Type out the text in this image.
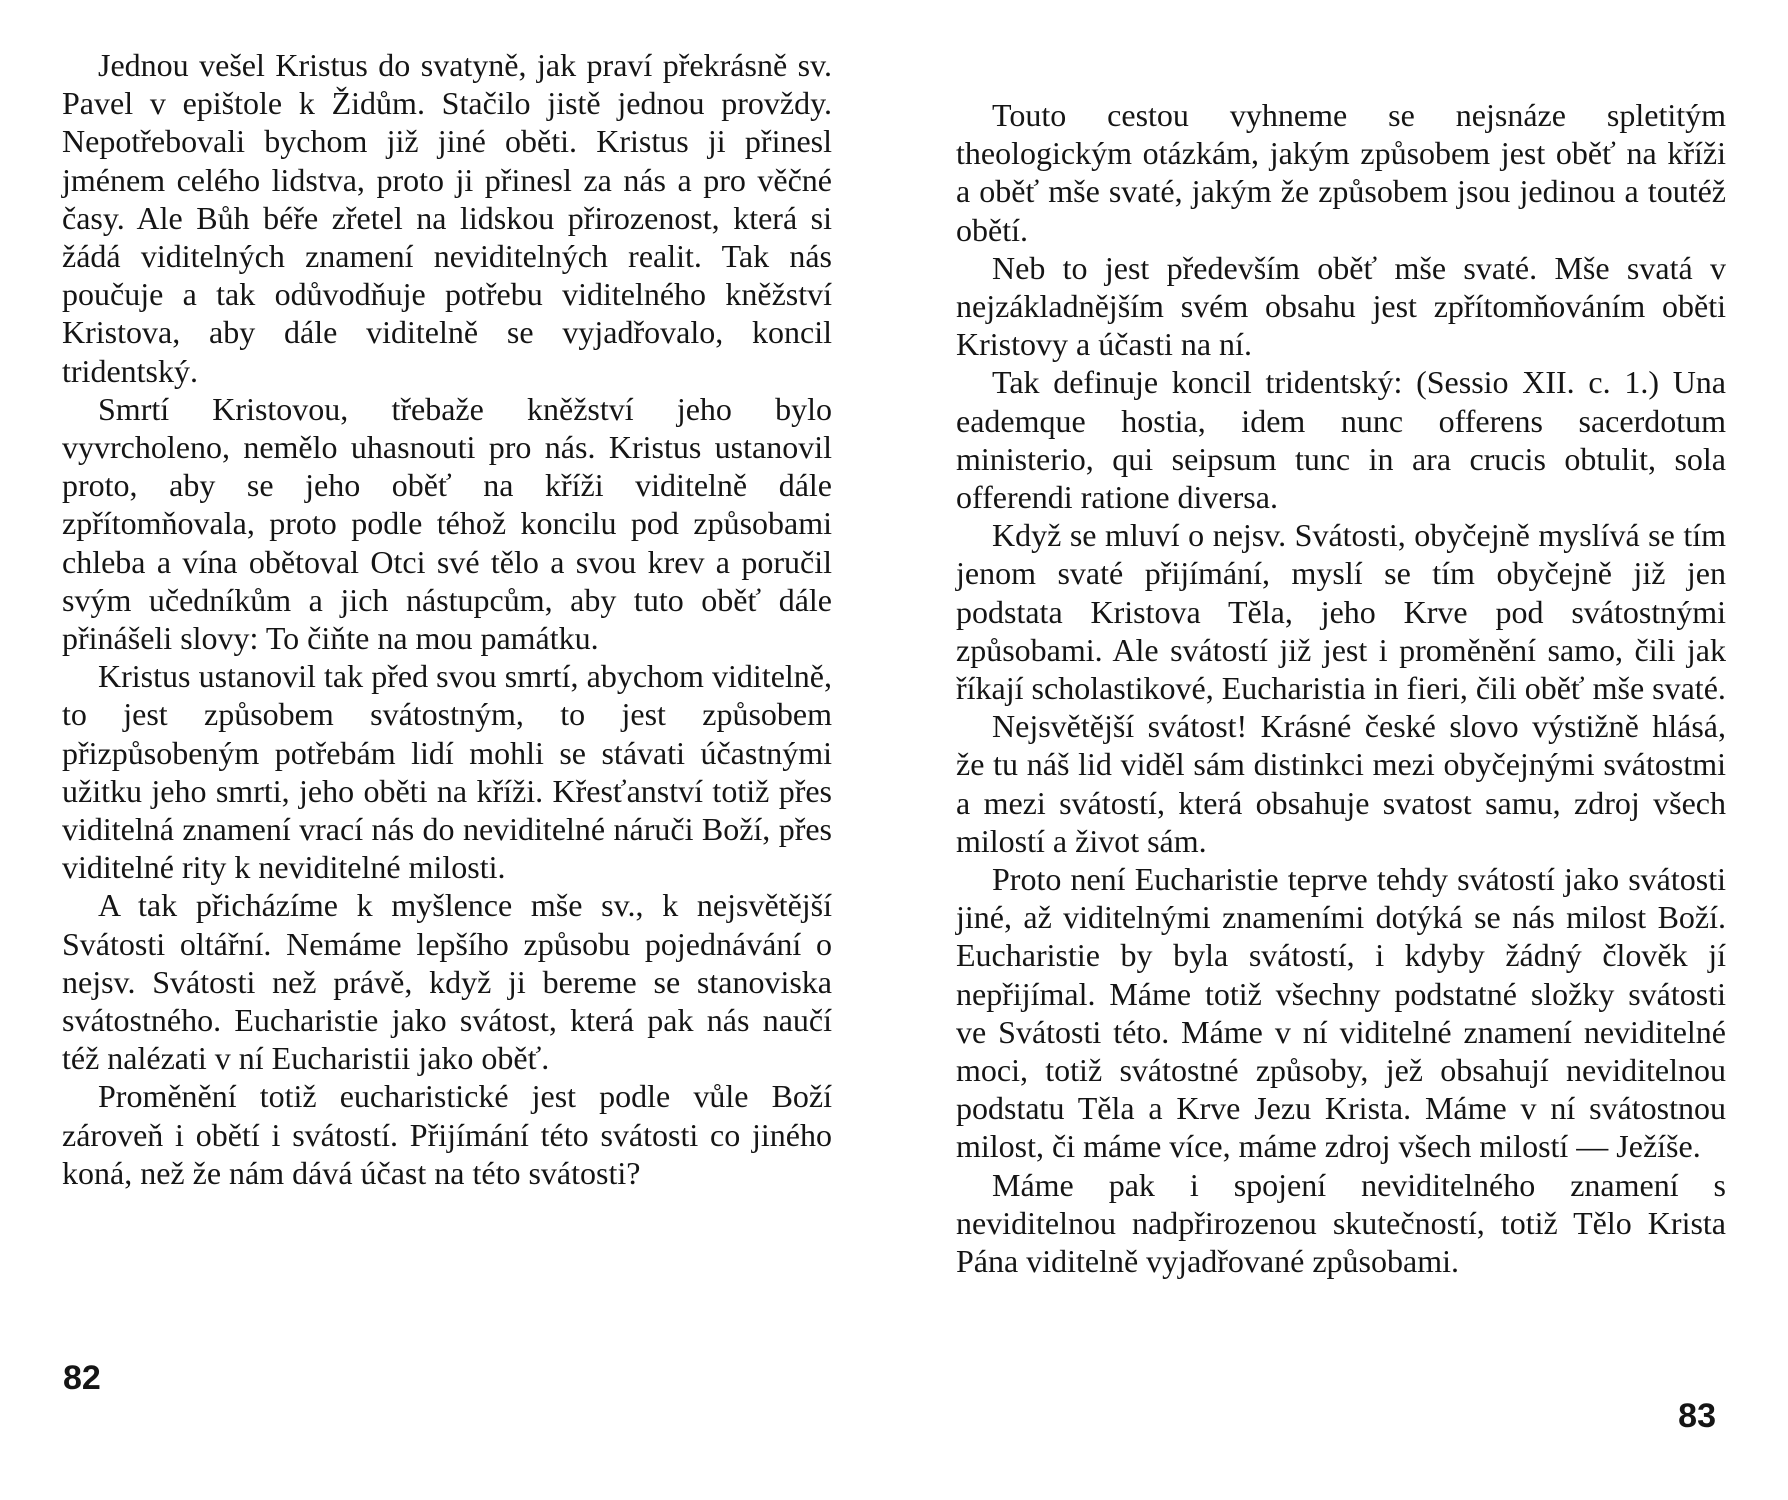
Jednou vešel Kristus do svatyně, jak praví překrásně sv. Pavel v epištole k Židům. Stačilo jistě jednou provždy. Nepotřebovali bychom již jiné oběti. Kristus ji přinesl jménem celého lidstva, proto ji přinesl za nás a pro věčné časy. Ale Bůh béře zřetel na lidskou přirozenost, která si žádá viditelných znamení neviditelných realit. Tak nás poučuje a tak odůvodňuje potřebu viditelného kněžství Kristova, aby dále viditelně se vyjadřovalo, koncil tridentský.

Smrtí Kristovou, třebaže kněžství jeho bylo vyvrcholeno, nemělo uhasnouti pro nás. Kristus ustanovil proto, aby se jeho oběť na kříži viditelně dále zpřítomňovala, proto podle téhož koncilu pod způsobami chleba a vína obětoval Otci své tělo a svou krev a poručil svým učedníkům a jich nástupcům, aby tuto oběť dále přinášeli slovy: To čiňte na mou památku.

Kristus ustanovil tak před svou smrtí, abychom viditelně, to jest způsobem svátostným, to jest způsobem přizpůsobeným potřebám lidí mohli se stávati účastnými užitku jeho smrti, jeho oběti na kříži. Křesťanství totiž přes viditelná znamení vrací nás do neviditelné náruči Boží, přes viditelné rity k neviditelné milosti.

A tak přicházíme k myšlence mše sv., k nejsvětější Svátosti oltářní. Nemáme lepšího způsobu pojednávání o nejsv. Svátosti než právě, když ji bereme se stanoviska svátostného. Eucharistie jako svátost, která pak nás naučí též nalézati v ní Eucharistii jako oběť.

Proměnění totiž eucharistické jest podle vůle Boží zároveň i obětí i svátostí. Přijímání této svátosti co jiného koná, než že nám dává účast na této svátosti?

82

Touto cestou vyhneme se nejsnáze spletitým theologickým otázkám, jakým způsobem jest oběť na kříži a oběť mše svaté, jakým že způsobem jsou jedinou a toutéž obětí.

Neb to jest především oběť mše svaté. Mše svatá v nejzákladnějším svém obsahu jest zpřítomňováním oběti Kristovy a účasti na ní.

Tak definuje koncil tridentský: (Sessio XII. c. 1.) Una eademque hostia, idem nunc offerens sacerdotum ministerio, qui seipsum tunc in ara crucis obtulit, sola offerendi ratione diversa.

Když se mluví o nejsv. Svátosti, obyčejně myslívá se tím jenom svaté přijímání, myslí se tím obyčejně již jen podstata Kristova Těla, jeho Krve pod svátostnými způsobami. Ale svátostí již jest i proměnění samo, čili jak říkají scholastikové, Eucharistia in fieri, čili oběť mše svaté.

Nejsvětější svátost! Krásné české slovo výstižně hlásá, že tu náš lid viděl sám distinkci mezi obyčejnými svátostmi a mezi svátostí, která obsahuje svatost samu, zdroj všech milostí a život sám.

Proto není Eucharistie teprve tehdy svátostí jako svátosti jiné, až viditelnými znameními dotýká se nás milost Boží. Eucharistie by byla svátostí, i kdyby žádný člověk jí nepřijímal. Máme totiž všechny podstatné složky svátosti ve Svátosti této. Máme v ní viditelné znamení neviditelné moci, totiž svátostné způsoby, jež obsahují neviditelnou podstatu Těla a Krve Jezu Krista. Máme v ní svátostnou milost, či máme více, máme zdroj všech milostí — Ježíše.

Máme pak i spojení neviditelného znamení s neviditelnou nadpřirozenou skutečností, totiž Tělo Krista Pána viditelně vyjadřované způsobami.

83
